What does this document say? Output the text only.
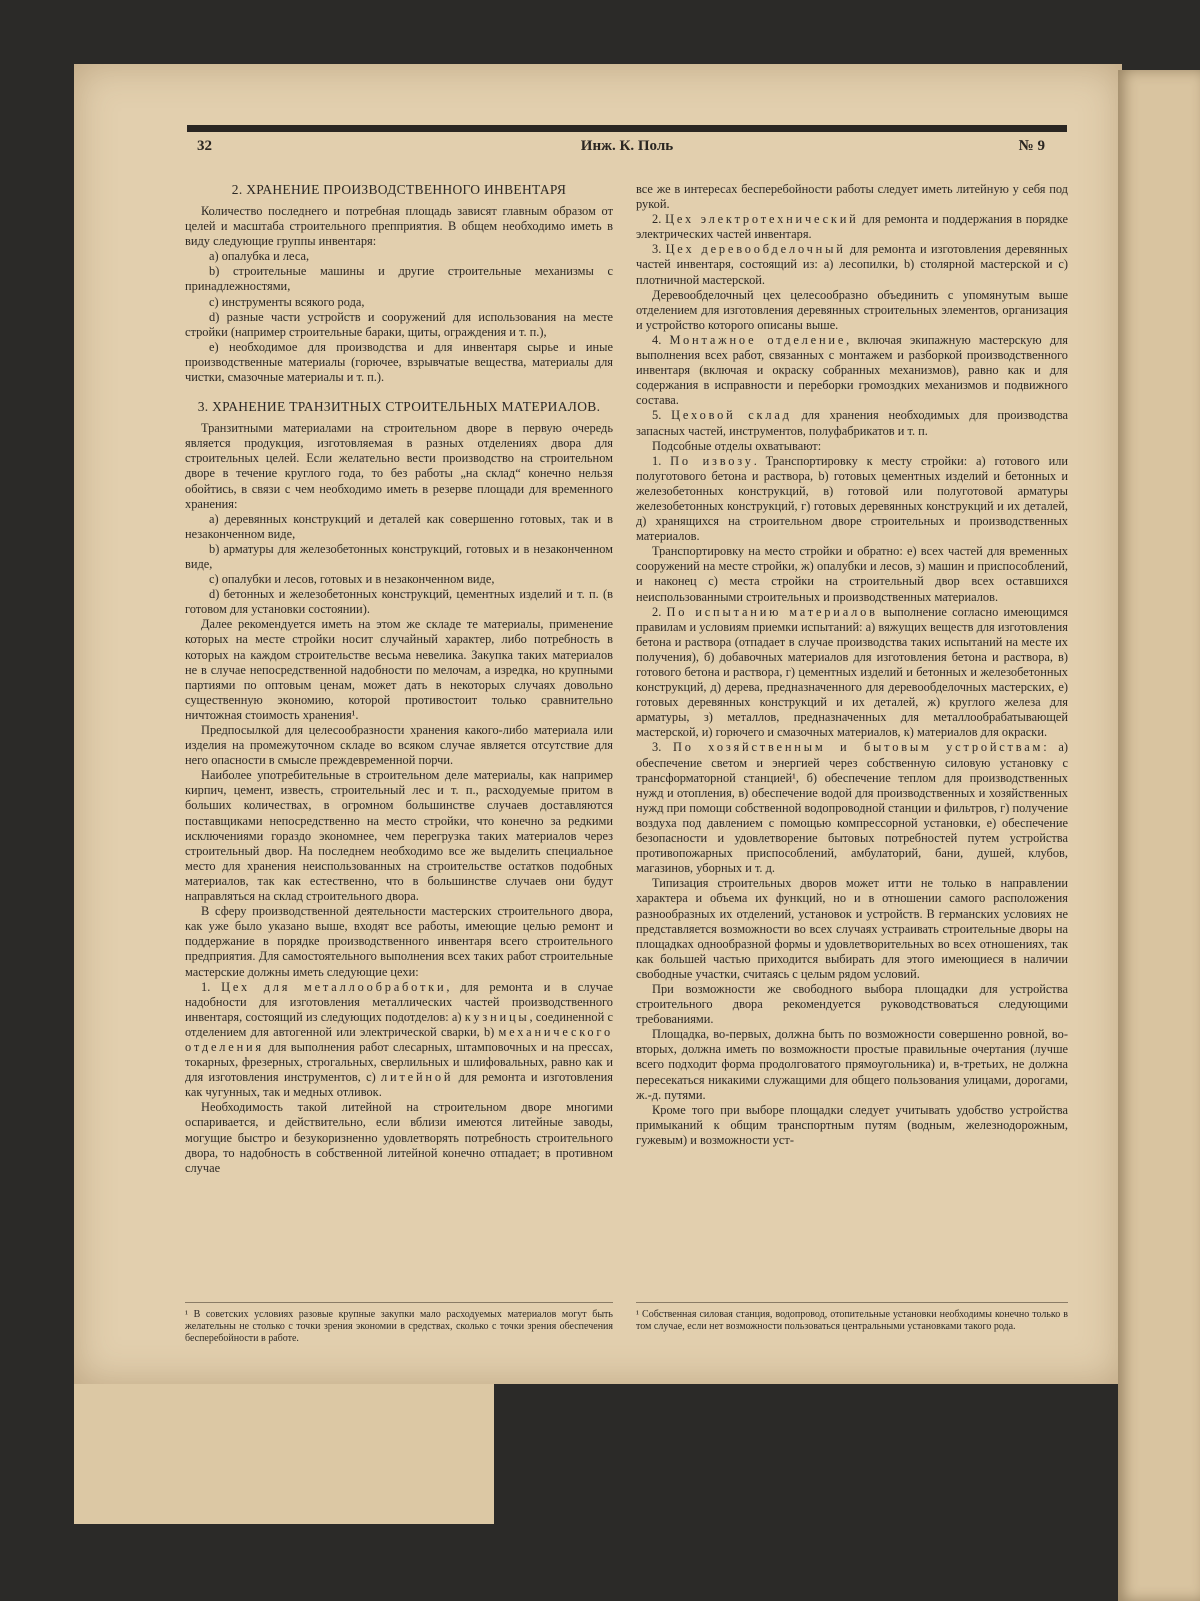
32	Инж. К. Поль	№ 9
2. ХРАНЕНИЕ ПРОИЗВОДСТВЕННОГО ИНВЕНТАРЯ

Количество последнего и потребная площадь зависят главным образом от целей и масштаба строительного препприятия. В общем необходимо иметь в виду следующие группы инвентаря:

а) опалубка и леса,

b) строительные машины и другие строительные механизмы с принадлежностями,

с) инструменты всякого рода,

d) разные части устройств и сооружений для использования на месте стройки (например строительные бараки, щиты, ограждения и т. п.),

е) необходимое для производства и для инвентаря сырье и иные производственные материалы (горючее, взрывчатые вещества, материалы для чистки, смазочные материалы и т. п.).

3. ХРАНЕНИЕ ТРАНЗИТНЫХ СТРОИТЕЛЬНЫХ МАТЕРИАЛОВ.

Транзитными материалами на строительном дворе в первую очередь является продукция, изготовляемая в разных отделениях двора для строительных целей. Если желательно вести производство на строительном дворе в течение круглого года, то без работы „на склад“ конечно нельзя обойтись, в связи с чем необходимо иметь в резерве площади для временного хранения:

а) деревянных конструкций и деталей как совершенно готовых, так и в незаконченном виде,

b) арматуры для железобетонных конструкций, готовых и в незаконченном виде,

с) опалубки и лесов, готовых и в незаконченном виде,

d) бетонных и железобетонных конструкций, цементных изделий и т. п. (в готовом для установки состоянии).

Далее рекомендуется иметь на этом же складе те материалы, применение которых на месте стройки носит случайный характер, либо потребность в которых на каждом строительстве весьма невелика. Закупка таких материалов не в случае непосредственной надобности по мелочам, а изредка, но крупными партиями по оптовым ценам, может дать в некоторых случаях довольно существенную экономию, которой противостоит только сравнительно ничтожная стоимость хранения¹.

Предпосылкой для целесообразности хранения какого-либо материала или изделия на промежуточном складе во всяком случае является отсутствие для него опасности в смысле преждевременной порчи.

Наиболее употребительные в строительном деле материалы, как например кирпич, цемент, известь, строительный лес и т. п., расходуемые притом в больших количествах, в огромном большинстве случаев доставляются поставщиками непосредственно на место стройки, что конечно за редкими исключениями гораздо экономнее, чем перегрузка таких материалов через строительный двор. На последнем необходимо все же выделить специальное место для хранения неиспользованных на строительстве остатков подобных материалов, так как естественно, что в большинстве случаев они будут направляться на склад строительного двора.

В сферу производственной деятельности мастерских строительного двора, как уже было указано выше, входят все работы, имеющие целью ремонт и поддержание в порядке производственного инвентаря всего строительного предприятия. Для самостоятельного выполнения всех таких работ строительные мастерские должны иметь следующие цехи:

1. Цех для металлообработки, для ремонта и в случае надобности для изготовления металлических частей производственного инвентаря, состоящий из следующих подотделов: а) кузницы, соединенной с отделением для автогенной или электрической сварки, b) механического отделения для выполнения работ слесарных, штамповочных и на прессах, токарных, фрезерных, строгальных, сверлильных и шлифовальных, равно как и для изготовления инструментов, с) литейной для ремонта и изготовления как чугунных, так и медных отливок.

Необходимость такой литейной на строительном дворе многими оспаривается, и действительно, если вблизи имеются литейные заводы, могущие быстро и безукоризненно удовлетворять потребность строительного двора, то надобность в собственной литейной конечно отпадает; в противном случае

¹ В советских условиях разовые крупные закупки мало расходуемых материалов могут быть желательны не столько с точки зрения экономии в средствах, сколько с точки зрения обеспечения бесперебойности в работе.

все же в интересах бесперебойности работы следует иметь литейную у себя под рукой.

2. Цех электротехнический для ремонта и поддержания в порядке электрических частей инвентаря.

3. Цех деревообделочный для ремонта и изготовления деревянных частей инвентаря, состоящий из: а) лесопилки, b) столярной мастерской и с) плотничной мастерской.

Деревообделочный цех целесообразно объединить с упомянутым выше отделением для изготовления деревянных строительных элементов, организация и устройство которого описаны выше.

4. Монтажное отделение, включая экипажную мастерскую для выполнения всех работ, связанных с монтажем и разборкой производственного инвентаря (включая и окраску собранных механизмов), равно как и для содержания в исправности и переборки громоздких механизмов и подвижного состава.

5. Цеховой склад для хранения необходимых для производства запасных частей, инструментов, полуфабрикатов и т. п.

Подсобные отделы охватывают:

1. По извозу. Транспортировку к месту стройки: а) готового или полуготового бетона и раствора, b) готовых цементных изделий и бетонных и железобетонных конструкций, в) готовой или полуготовой арматуры железобетонных конструкций, г) готовых деревянных конструкций и их деталей, д) хранящихся на строительном дворе строительных и производственных материалов.

Транспортировку на место стройки и обратно: е) всех частей для временных сооружений на месте стройки, ж) опалубки и лесов, з) машин и приспособлений, и наконец с) места стройки на строительный двор всех оставшихся неиспользованными строительных и производственных материалов.

2. По испытанию материалов выполнение согласно имеющимся правилам и условиям приемки испытаний: а) вяжущих веществ для изготовления бетона и раствора (отпадает в случае производства таких испытаний на месте их получения), б) добавочных материалов для изготовления бетона и раствора, в) готового бетона и раствора, г) цементных изделий и бетонных и железобетонных конструкций, д) дерева, предназначенного для деревообделочных мастерских, е) готовых деревянных конструкций и их деталей, ж) круглого железа для арматуры, з) металлов, предназначенных для металлообрабатывающей мастерской, и) горючего и смазочных материалов, к) материалов для окраски.

3. По хозяйственным и бытовым устройствам: а) обеспечение светом и энергией через собственную силовую установку с трансформаторной станцией¹, б) обеспечение теплом для производственных нужд и отопления, в) обеспечение водой для производственных и хозяйственных нужд при помощи собственной водопроводной станции и фильтров, г) получение воздуха под давлением с помощью компрессорной установки, е) обеспечение безопасности и удовлетворение бытовых потребностей путем устройства противопожарных приспособлений, амбулаторий, бани, душей, клубов, магазинов, уборных и т. д.

Типизация строительных дворов может итти не только в направлении характера и объема их функций, но и в отношении самого расположения разнообразных их отделений, установок и устройств. В германских условиях не представляется возможности во всех случаях устраивать строительные дворы на площадках однообразной формы и удовлетворительных во всех отношениях, так как большей частью приходится выбирать для этого имеющиеся в наличии свободные участки, считаясь с целым рядом условий.

При возможности же свободного выбора площадки для устройства строительного двора рекомендуется руководствоваться следующими требованиями.

Площадка, во-первых, должна быть по возможности совершенно ровной, во-вторых, должна иметь по возможности простые правильные очертания (лучше всего подходит форма продолговатого прямоугольника) и, в-третьих, не должна пересекаться никакими служащими для общего пользования улицами, дорогами, ж.-д. путями.

Кроме того при выборе площадки следует учитывать удобство устройства примыканий к общим транспортным путям (водным, железнодорожным, гужевым) и возможности уст-

¹ Собственная силовая станция, водопровод, отопительные установки необходимы конечно только в том случае, если нет возможности пользоваться центральными установками такого рода.
